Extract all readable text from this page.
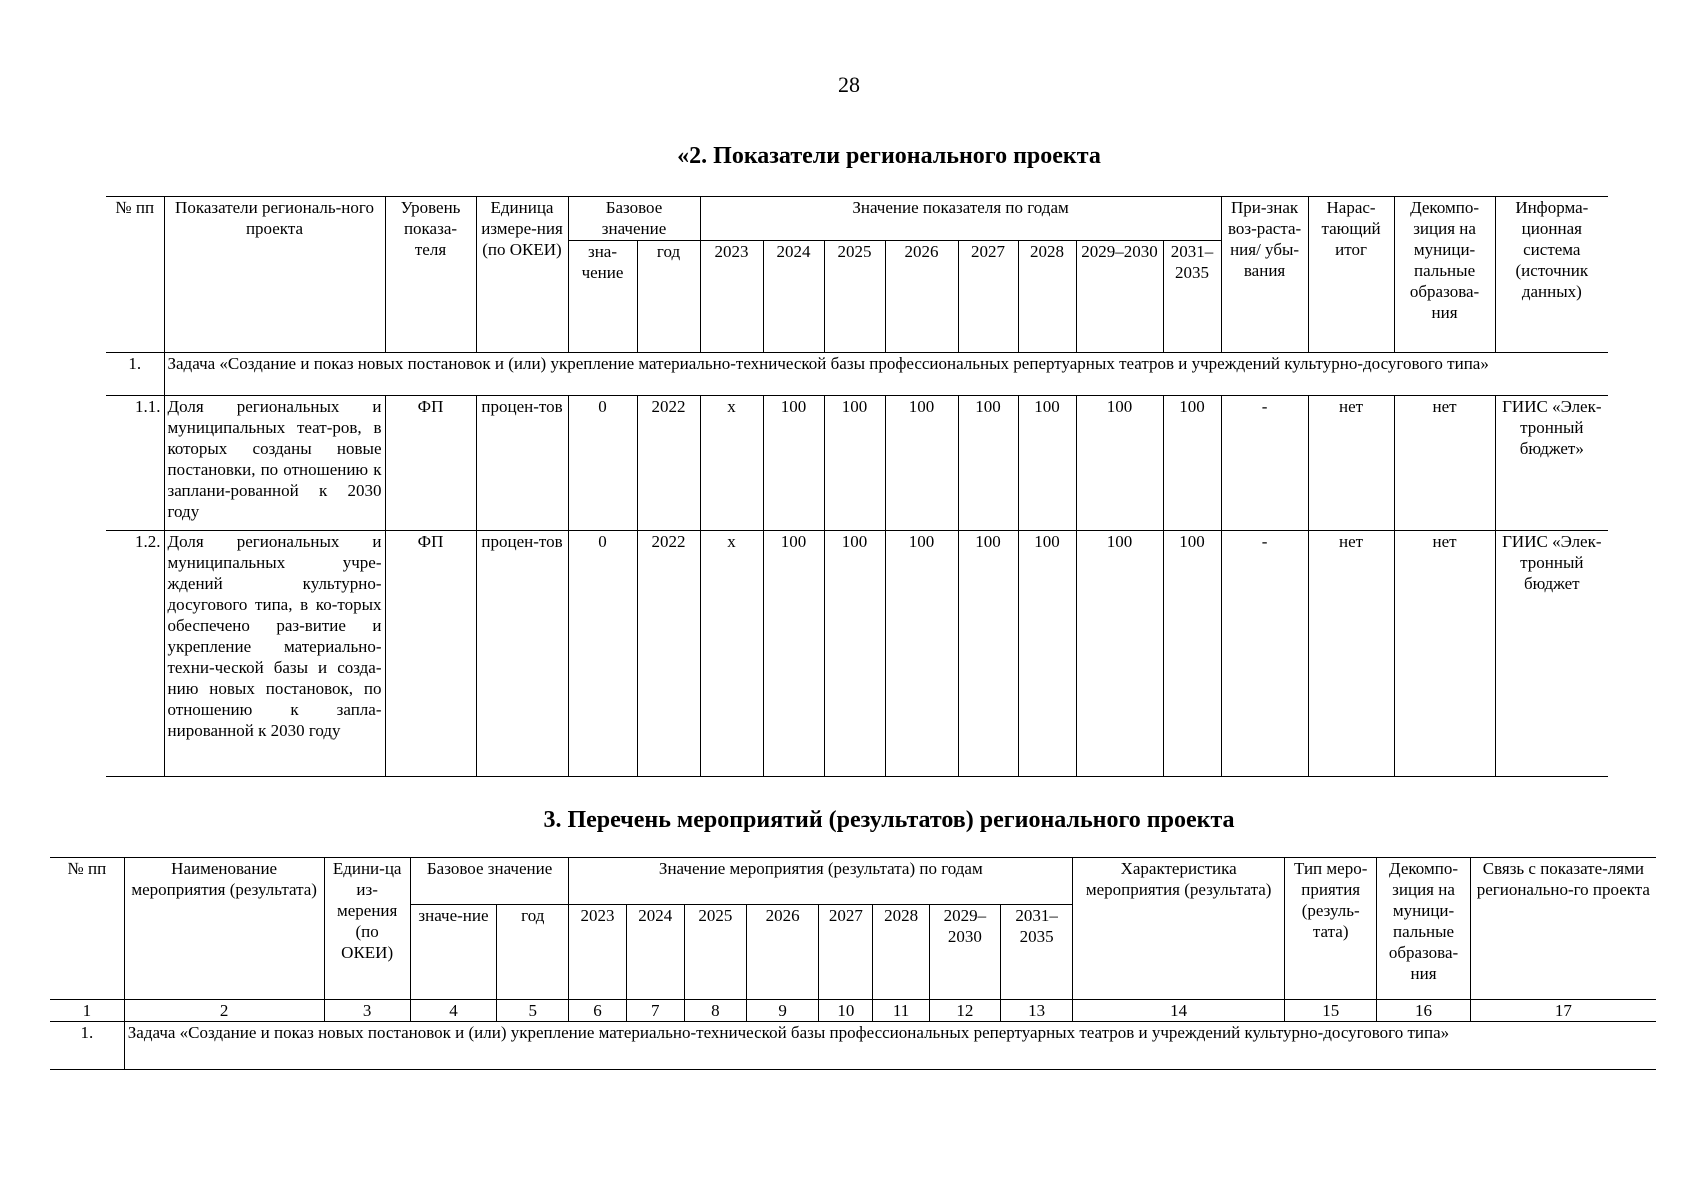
28
«2. Показатели регионального проекта
№ пп	Показатели региональ-ного проекта	Уровень показа-теля	Единица измере-ния (по ОКЕИ)	Базовое значение		Значение показателя по годам								При-знак воз-раста-ния/ убы-вания	Нарас-тающий итог	Декомпо-зиция на муници-пальные образова-ния	Информа-ционная система (источник данных)
				зна-чение	год	2023	2024	2025	2026	2027	2028	2029–2030	2031–2035				
1.	Задача «Создание и показ новых постановок и (или) укрепление материально-технической базы профессиональных репертуарных театров и учреждений культурно-досугового типа»																
1.1.	Доля региональных и муниципальных теат-ров, в которых созданы новые постановки, по отношению к заплани-рованной к 2030 году	ФП	процен-тов	0	2022	х	100	100	100	100	100	100	100	-	нет	нет	ГИИС «Элек-тронный бюджет»
1.2.	Доля региональных и муниципальных учре-ждений культурно-досугового типа, в ко-торых обеспечено раз-витие и укрепление материально-техни-ческой базы и созда-нию новых постановок, по отношению к запла-нированной к 2030 году	ФП	процен-тов	0	2022	х	100	100	100	100	100	100	100	-	нет	нет	ГИИС «Элек-тронный бюджет
3. Перечень мероприятий (результатов) регионального проекта
№ пп	Наименование мероприятия (результата)	Едини-ца из-мерения (по ОКЕИ)	Базовое значение		Значение мероприятия (результата) по годам								Характеристика мероприятия (результата)	Тип меро-приятия (резуль-тата)	Декомпо-зиция на муници-пальные образова-ния	Связь с показате-лями регионально-го проекта
			значе-ние	год	2023	2024	2025	2026	2027	2028	2029–2030	2031–2035				
1	2	3	4	5	6	7	8	9	10	11	12	13	14	15	16	17
1.	Задача «Создание и показ новых постановок и (или) укрепление материально-технической базы профессиональных репертуарных театров и учреждений культурно-досугового типа»															
